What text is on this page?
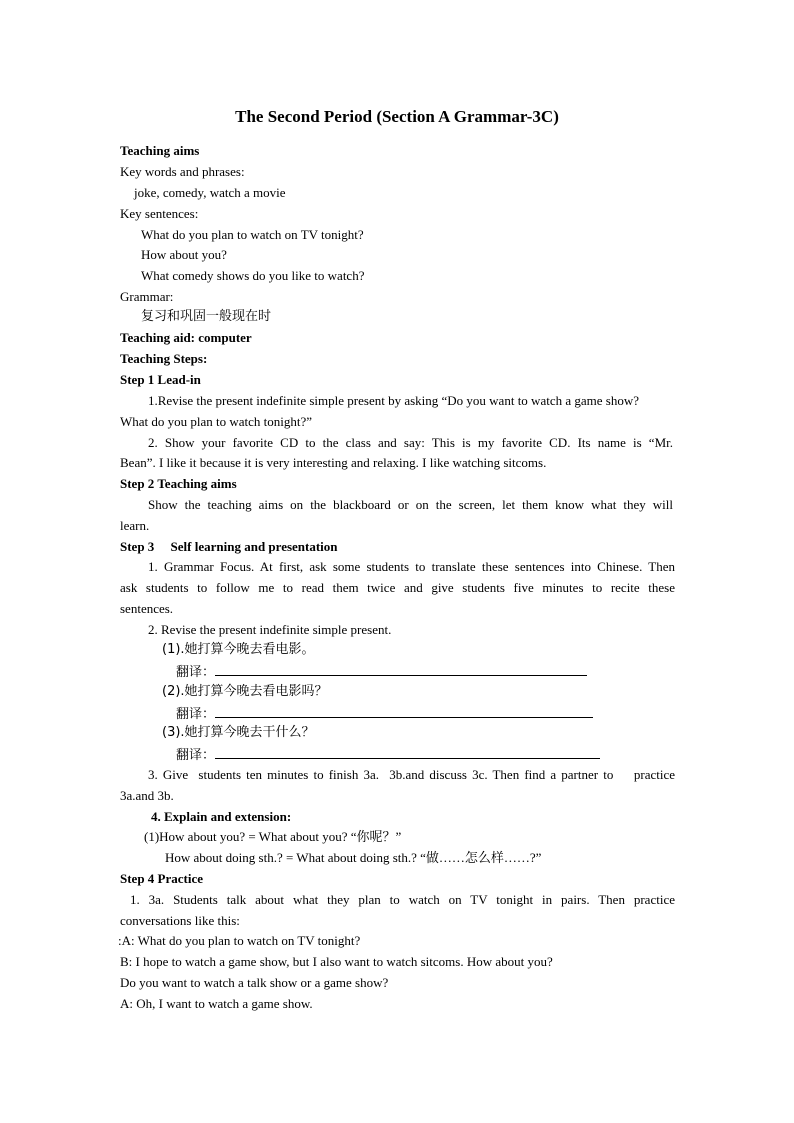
The Second Period (Section A Grammar-3C)
Teaching aims
Key words and phrases:
joke, comedy, watch a movie
Key sentences:
What do you plan to watch on TV tonight?
How about you?
What comedy shows do you like to watch?
Grammar:
复习和巩固一般现在时
Teaching aid: computer
Teaching Steps:
Step 1 Lead-in
1.Revise the present indefinite simple present by asking “Do you want to watch a game show?
What do you plan to watch tonight?”
2. Show your favorite CD to the class and say: This is my favorite CD. Its name is “Mr.
Bean”. I like it because it is very interesting and relaxing. I like watching sitcoms.
Step 2 Teaching aims
Show the teaching aims on the blackboard or on the screen, let them know what they will
learn.
Step 3     Self learning and presentation
1. Grammar Focus. At first, ask some students to translate these sentences into Chinese. Then
ask students to follow me to read them twice and give students five minutes to recite these
sentences.
2. Revise the present indefinite simple present.
(1).她打算今晚去看电影。
翻译：
(2).她打算今晚去看电影吗？
翻译：
(3).她打算今晚去干什么？
翻译：
3. Give  students ten minutes to finish 3a.  3b.and discuss 3c. Then find a partner to    practice
3a.and 3b.
4. Explain and extension:
(1)How about you? = What about you? “你呢？”
How about doing sth.? = What about doing sth.? “做……怎么样……?”
Step 4 Practice
1. 3a. Students talk about what they plan to watch on TV tonight in pairs. Then practice
conversations like this:
:A: What do you plan to watch on TV tonight?
B: I hope to watch a game show, but I also want to watch sitcoms. How about you?
Do you want to watch a talk show or a game show?
A: Oh, I want to watch a game show.
